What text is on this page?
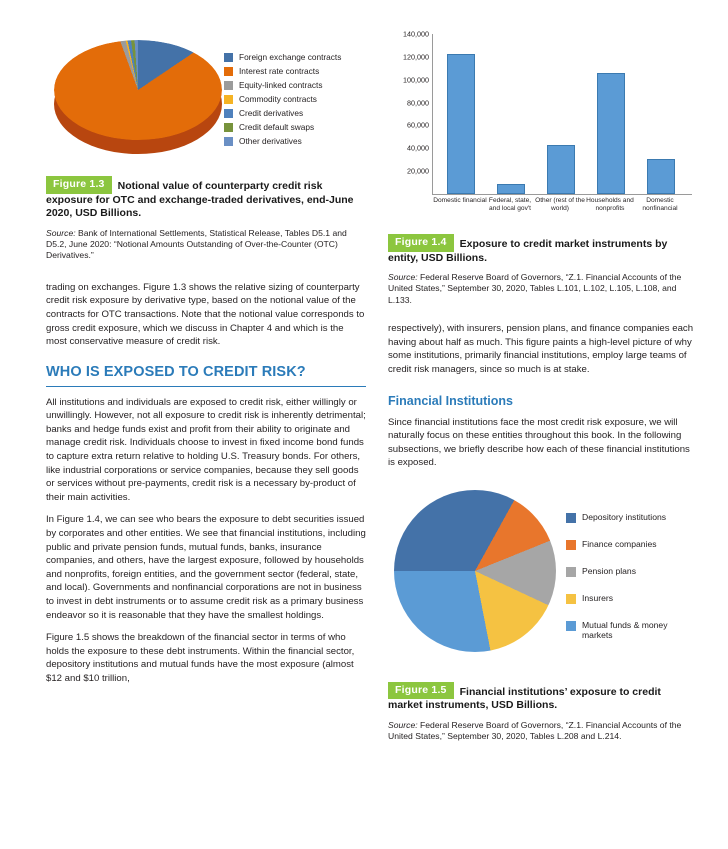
Foreign exchange contracts
Interest rate contracts
Equity-linked contracts
Commodity contracts
Credit derivatives
Credit default swaps
Other derivatives
Figure 1.3 Notional value of counterparty credit risk exposure for OTC and exchange-traded derivatives, end-June 2020, USD Billions.
Source: Bank of International Settlements, Statistical Release, Tables D5.1 and D5.2, June 2020: “Notional Amounts Outstanding of Over-the-Counter (OTC) Derivatives.”

trading on exchanges. Figure 1.3 shows the relative sizing of counterparty credit risk exposure by derivative type, based on the notional value of the contracts for OTC transactions. Note that the notional value corresponds to gross credit exposure, which we discuss in Chapter 4 and which is the most conservative measure of credit risk.

WHO IS EXPOSED TO CREDIT RISK?

All institutions and individuals are exposed to credit risk, either willingly or unwillingly. However, not all exposure to credit risk is inherently detrimental; banks and hedge funds exist and profit from their ability to originate and manage credit risk. Individuals choose to invest in fixed income bond funds to capture extra return relative to holding U.S. Treasury bonds. For others, like industrial corporations or service companies, because they sell goods or services without pre-payments, credit risk is a necessary by-product of their main activities.

In Figure 1.4, we can see who bears the exposure to debt securities issued by corporates and other entities. We see that financial institutions, including public and private pension funds, mutual funds, banks, insurance companies, and others, have the largest exposure, followed by households and nonprofits, foreign entities, and the government sector (federal, state, and local). Governments and nonfinancial corporations are not in business to invest in debt instruments or to assume credit risk as a primary business endeavor so it is reasonable that they have the smallest holdings.

Figure 1.5 shows the breakdown of the financial sector in terms of who holds the exposure to these debt instruments. Within the financial sector, depository institutions and mutual funds have the most exposure (almost $12 and $10 trillion,

140,000
120,000
100,000
80,000
60,000
40,000
20,000
Domestic financial Federal, state, and local gov't
Other (rest of the world)
Households and nonprofits
Domestic nonfinancial
Figure 1.4 Exposure to credit market instruments by entity, USD Billions.
Source: Federal Reserve Board of Governors, “Z.1. Financial Accounts of the United States,” September 30, 2020, Tables L.101, L.102, L.105, L.108, and L.133.

respectively), with insurers, pension plans, and finance companies each having about half as much. This figure paints a high-level picture of why some institutions, primarily financial institutions, employ large teams of credit risk managers, since so much is at stake.

Financial Institutions

Since financial institutions face the most credit risk exposure, we will naturally focus on these entities throughout this book. In the following subsections, we briefly describe how each of these financial institutions is exposed.

Depository institutions
Finance companies
Pension plans
Insurers
Mutual funds & money markets
Figure 1.5 Financial institutions’ exposure to credit market instruments, USD Billions.
Source: Federal Reserve Board of Governors, “Z.1. Financial Accounts of the United States,” September 30, 2020, Tables L.208 and L.214.
